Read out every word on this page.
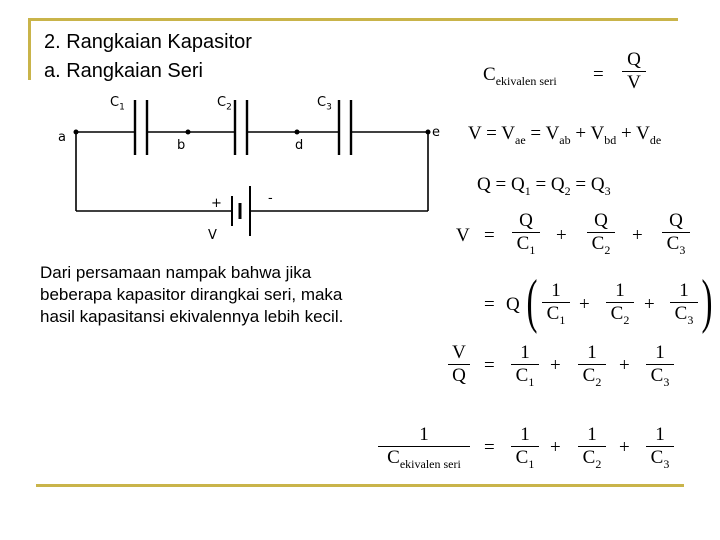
2. Rangkaian Kapasitor
a. Rangkaian Seri
$C_1$	$C_2$	$C_3$
a
b	d
e
+	-
V
Dari persamaan nampak bahwa jika beberapa kapasitor dirangkai seri, maka hasil kapasitansi ekivalennya lebih kecil.
$C_{ekivalen seri}$ =
Q
V
$V = V_{ae} = V_{ab} + V_{bd} + V_{de}$
$Q = Q_1 = Q_2 = Q_3$
V =
Q
$C_1$
+
Q
$C_2$
+
Q
$C_3$
= Q ( 1
$C_1$
+
1
$C_2$
+
1
$C_3$ )
V
Q =
1
$C_1$
+
1
$C_2$
+
1
$C_3$
1
$C_{ekivalen seri}$
=
1
$C_1$
+
1
$C_2$
+
1
$C_3$
